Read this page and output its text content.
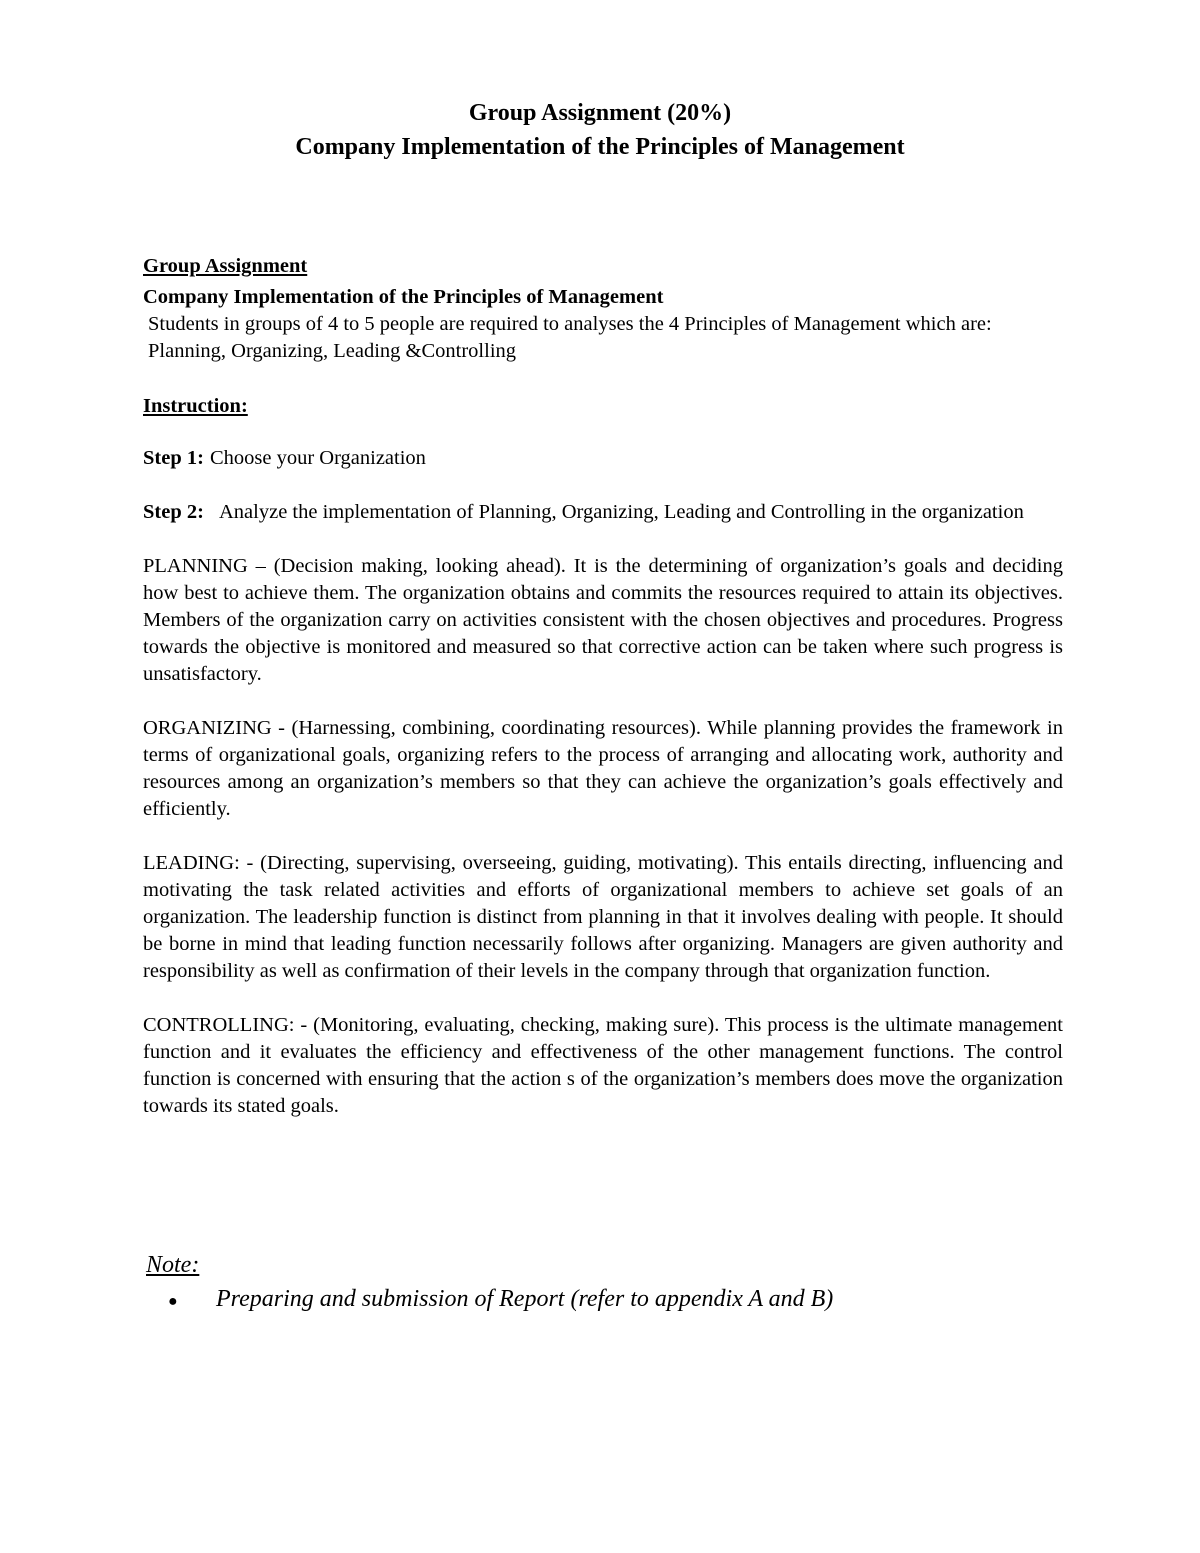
Group Assignment (20%)
Company Implementation of the Principles of Management

Group Assignment

Company Implementation of the Principles of Management

Students in groups of 4 to 5 people are required to analyses the 4 Principles of Management which are: Planning, Organizing, Leading &Controlling

Instruction:

Step 1: Choose your Organization
Step 2: Analyze the implementation of Planning, Organizing, Leading and Controlling in the organization

PLANNING – (Decision making, looking ahead). It is the determining of organization’s goals and deciding how best to achieve them. The organization obtains and commits the resources required to attain its objectives. Members of the organization carry on activities consistent with the chosen objectives and procedures. Progress towards the objective is monitored and measured so that corrective action can be taken where such progress is unsatisfactory.

ORGANIZING - (Harnessing, combining, coordinating resources). While planning provides the framework in terms of organizational goals, organizing refers to the process of arranging and allocating work, authority and resources among an organization’s members so that they can achieve the organization’s goals effectively and efficiently.

LEADING: - (Directing, supervising, overseeing, guiding, motivating). This entails directing, influencing and motivating the task related activities and efforts of organizational members to achieve set goals of an organization. The leadership function is distinct from planning in that it involves dealing with people. It should be borne in mind that leading function necessarily follows after organizing. Managers are given authority and responsibility as well as confirmation of their levels in the company through that organization function.

CONTROLLING: - (Monitoring, evaluating, checking, making sure). This process is the ultimate management function and it evaluates the efficiency and effectiveness of the other management functions. The control function is concerned with ensuring that the action s of the organization’s members does move the organization towards its stated goals.

Note:
●	Preparing and submission of Report (refer to appendix A and B)
